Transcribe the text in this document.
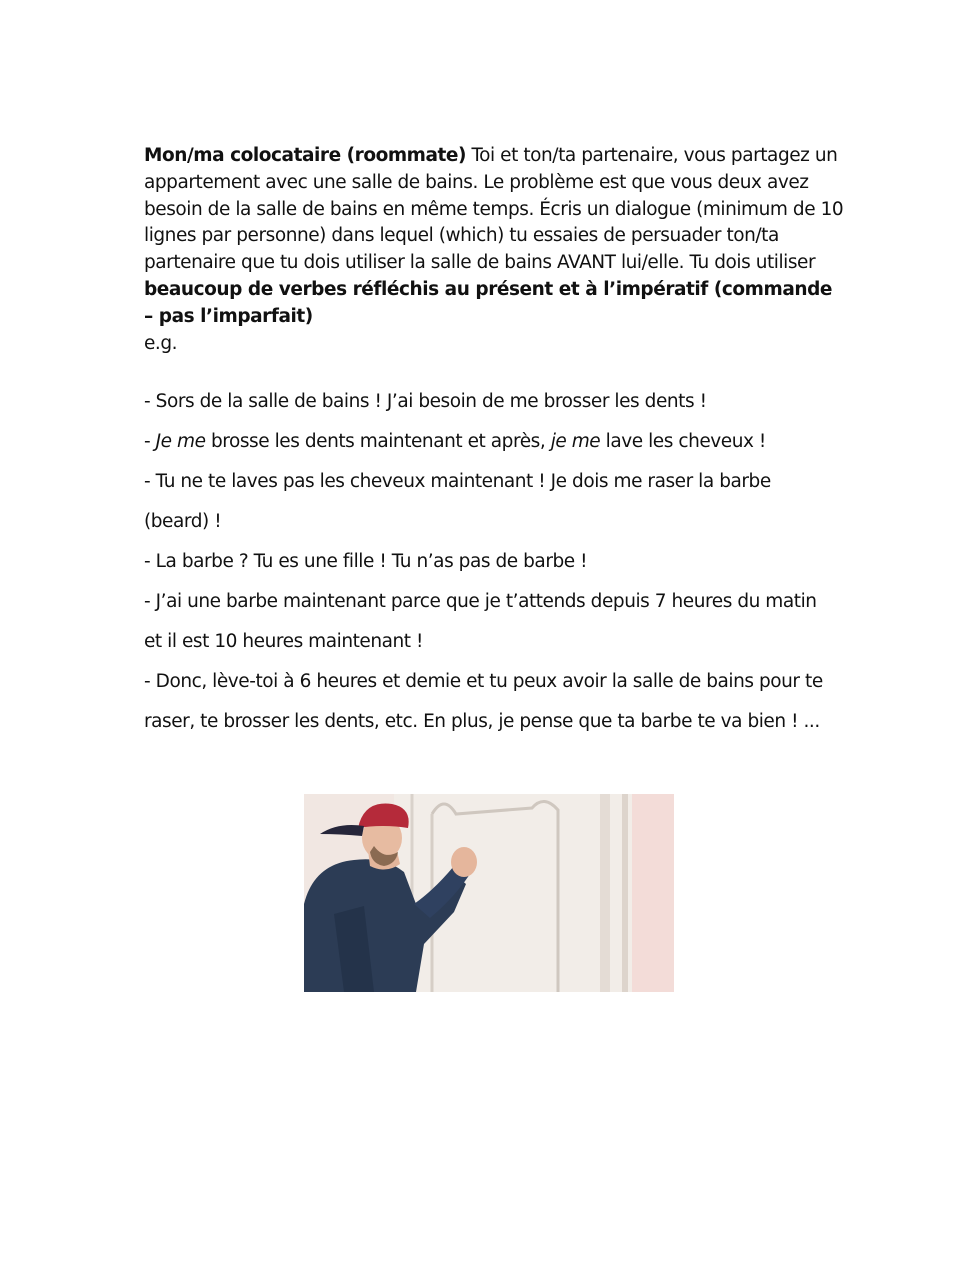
Mon/ma colocataire (roommate) Toi et ton/ta partenaire, vous partagez un appartement avec une salle de bains. Le problème est que vous deux avez besoin de la salle de bains en même temps. Écris un dialogue (minimum de 10 lignes par personne) dans lequel (which) tu essaies de persuader ton/ta partenaire que tu dois utiliser la salle de bains AVANT lui/elle. Tu dois utiliser beaucoup de verbes réfléchis au présent et à l’impératif (commande – pas l’imparfait)

e.g.

- Sors de la salle de bains ! J’ai besoin de me brosser les dents !

- Je me brosse les dents maintenant et après, je me lave les cheveux !

- Tu ne te laves pas les cheveux maintenant ! Je dois me raser la barbe

(beard) !

- La barbe ? Tu es une fille ! Tu n’as pas de barbe !

- J’ai une barbe maintenant parce que je t’attends depuis 7 heures du matin

et il est 10 heures maintenant !

- Donc, lève-toi à 6 heures et demie et tu peux avoir la salle de bains pour te

raser, te brosser les dents, etc. En plus, je pense que ta barbe te va bien ! ...
